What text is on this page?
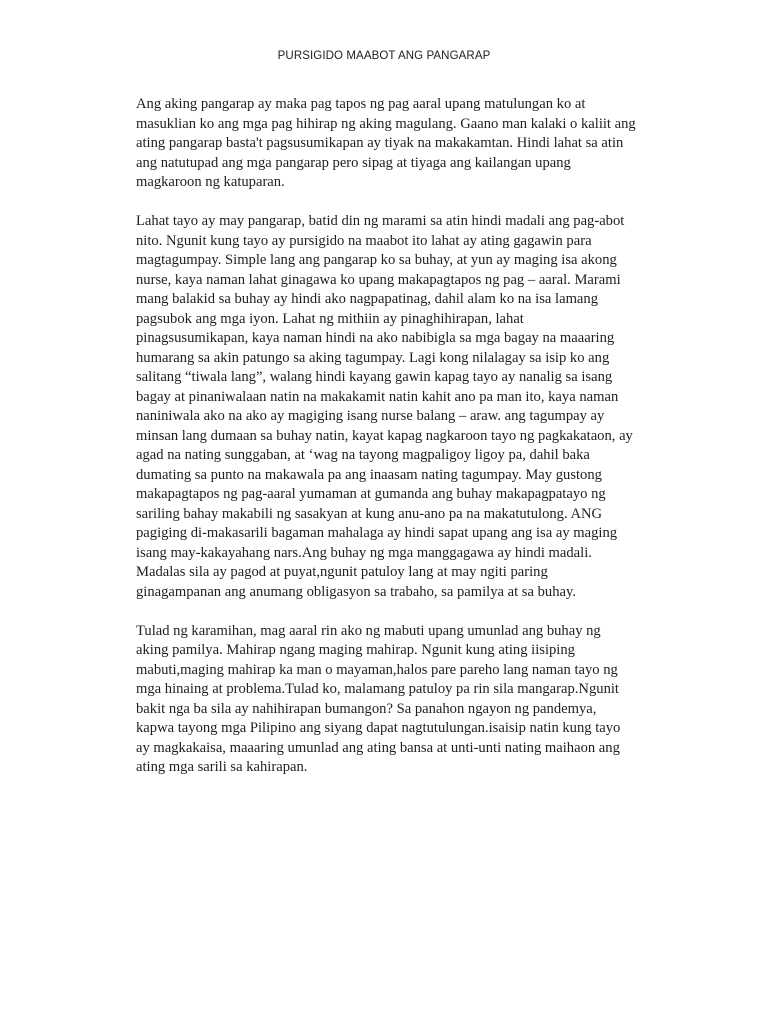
PURSIGIDO MAABOT ANG PANGARAP

Ang aking pangarap ay maka pag tapos ng pag aaral upang matulungan ko at masuklian ko ang mga pag hihirap ng aking magulang. Gaano man kalaki o kaliit ang ating pangarap basta't pagsusumikapan ay tiyak na makakamtan. Hindi lahat sa atin ang natutupad ang mga pangarap pero sipag at tiyaga ang kailangan upang magkaroon ng katuparan.

Lahat tayo ay may pangarap, batid din ng marami sa atin hindi madali ang pag-abot nito. Ngunit kung tayo ay pursigido na maabot ito lahat ay ating gagawin para magtagumpay. Simple lang ang pangarap ko sa buhay, at yun ay maging isa akong nurse, kaya naman lahat ginagawa ko upang makapagtapos ng pag – aaral. Marami mang balakid sa buhay ay hindi ako nagpapatinag, dahil alam ko na isa lamang pagsubok ang mga iyon. Lahat ng mithiin ay pinaghihirapan, lahat pinagsusumikapan, kaya naman hindi na ako nabibigla sa mga bagay na maaaring humarang sa akin patungo sa aking tagumpay. Lagi kong nilalagay sa isip ko ang salitang “tiwala lang”, walang hindi kayang gawin kapag tayo ay nanalig sa isang bagay at pinaniwalaan natin na makakamit natin kahit ano pa man ito, kaya naman naniniwala ako na ako ay magiging isang nurse balang – araw. ang tagumpay ay minsan lang dumaan sa buhay natin, kayat kapag nagkaroon tayo ng pagkakataon, ay agad na nating sunggaban, at ‘wag na tayong magpaligoy ligoy pa, dahil baka dumating sa punto na makawala pa ang inaasam nating tagumpay. May gustong makapagtapos ng pag-aaral yumaman at gumanda ang buhay makapagpatayo ng sariling bahay makabili ng sasakyan at kung anu-ano pa na makatutulong. ANG pagiging di-makasarili bagaman mahalaga ay hindi sapat upang ang isa ay maging isang may-kakayahang nars.Ang buhay ng mga manggagawa ay hindi madali. Madalas sila ay pagod at puyat,ngunit patuloy lang at may ngiti paring ginagampanan ang anumang obligasyon sa trabaho, sa pamilya at sa buhay.

Tulad ng karamihan, mag aaral rin ako ng mabuti upang umunlad ang buhay ng aking pamilya. Mahirap ngang maging mahirap. Ngunit kung ating iisiping mabuti,maging mahirap ka man o mayaman,halos pare pareho lang naman tayo ng mga hinaing at problema.Tulad ko, malamang patuloy pa rin sila mangarap.Ngunit bakit nga ba sila ay nahihirapan bumangon? Sa panahon ngayon ng pandemya, kapwa tayong mga Pilipino ang siyang dapat nagtutulungan.isaisip natin kung tayo ay magkakaisa, maaaring umunlad ang ating bansa at unti-unti nating maihaon ang ating mga sarili sa kahirapan.
